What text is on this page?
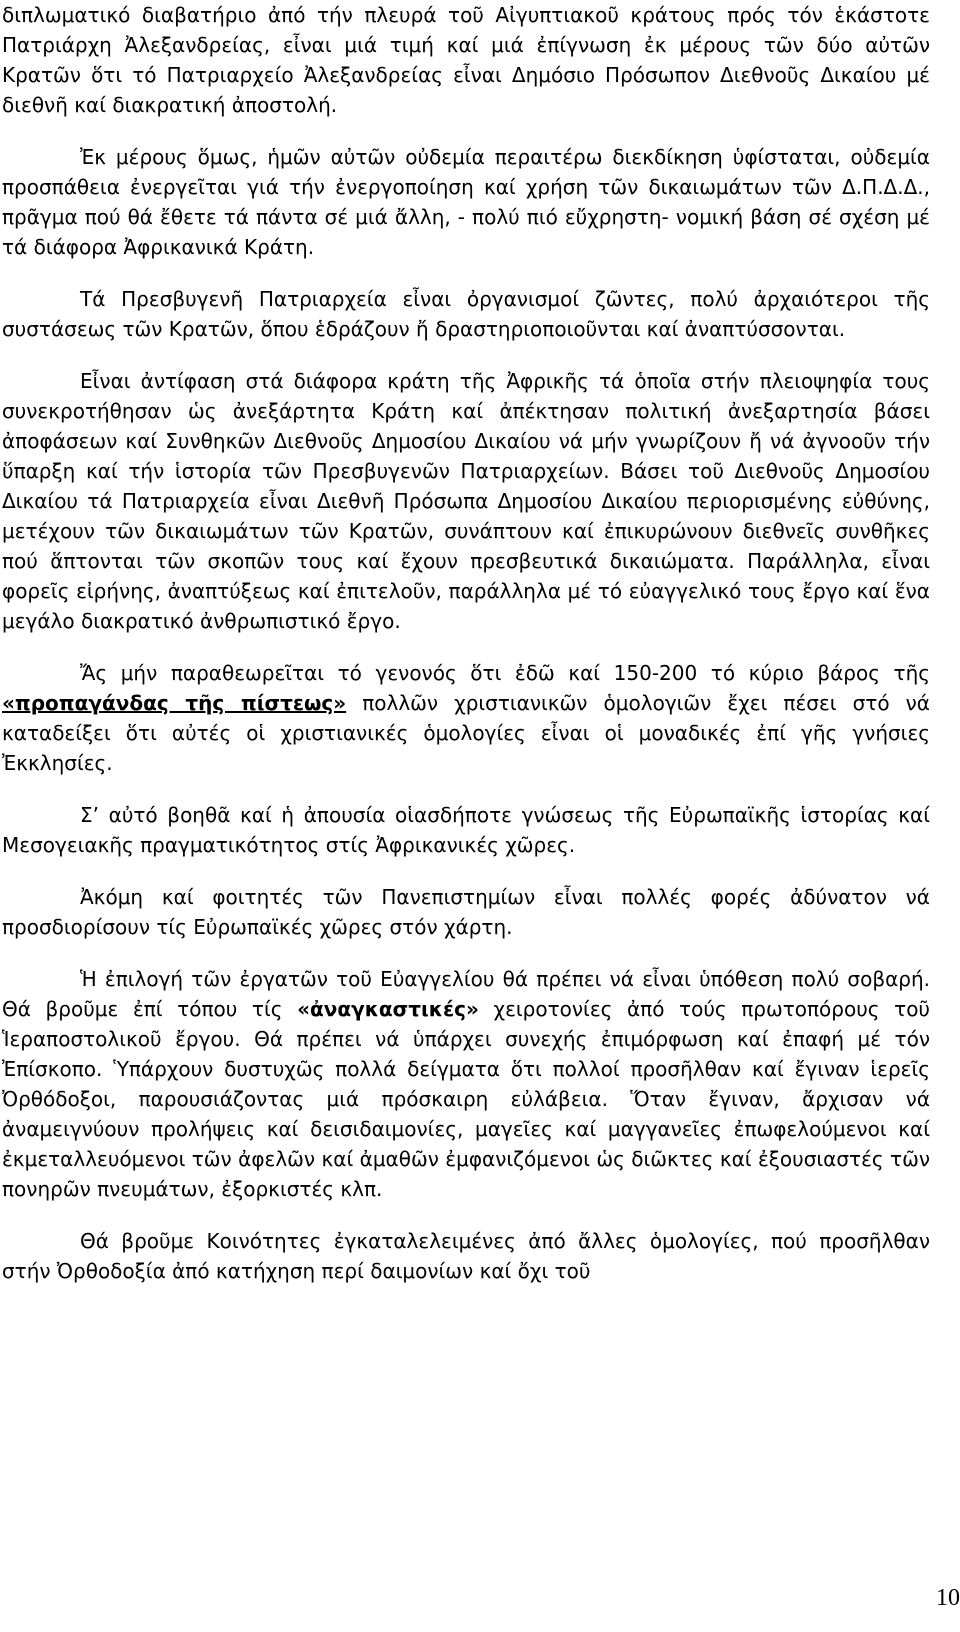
διπλωματικό διαβατήριο ἀπό τήν πλευρά τοῦ Αἰγυπτιακοῦ κράτους πρός τόν ἑκάστοτε Πατριάρχη Ἀλεξανδρείας, εἶναι μιά τιμή καί μιά ἐπίγνωση ἐκ μέρους τῶν δύο αὐτῶν Κρατῶν ὅτι τό Πατριαρχείο Ἀλεξανδρείας εἶναι Δημόσιο Πρόσωπον Διεθνοῦς Δικαίου μέ διεθνῆ καί διακρατική ἀποστολή.

Ἐκ μέρους ὅμως, ἡμῶν αὐτῶν οὐδεμία περαιτέρω διεκδίκηση ὑφίσταται, οὐδεμία προσπάθεια ἐνεργεῖται γιά τήν ἐνεργοποίηση καί χρήση τῶν δικαιωμάτων τῶν Δ.Π.Δ.Δ., πρᾶγμα πού θά ἔθετε τά πάντα σέ μιά ἄλλη, - πολύ πιό εὔχρηστη- νομική βάση σέ σχέση μέ τά διάφορα Ἀφρικανικά Κράτη.

Τά Πρεσβυγενῆ Πατριαρχεία εἶναι ὀργανισμοί ζῶντες, πολύ ἀρχαιότεροι τῆς συστάσεως τῶν Κρατῶν, ὅπου ἑδράζουν ἤ δραστηριοποιοῦνται καί ἀναπτύσσονται.

Εἶναι ἀντίφαση στά διάφορα κράτη τῆς Ἀφρικῆς τά ὁποῖα στήν πλειοψηφία τους συνεκροτήθησαν ὡς ἀνεξάρτητα Κράτη καί ἀπέκτησαν πολιτική ἀνεξαρτησία βάσει ἀποφάσεων καί Συνθηκῶν Διεθνοῦς Δημοσίου Δικαίου νά μήν γνωρίζουν ἤ νά ἀγνοοῦν τήν ὕπαρξη καί τήν ἱστορία τῶν Πρεσβυγενῶν Πατριαρχείων. Βάσει τοῦ Διεθνοῦς Δημοσίου Δικαίου τά Πατριαρχεία εἶναι Διεθνῆ Πρόσωπα Δημοσίου Δικαίου περιορισμένης εὐθύνης, μετέχουν τῶν δικαιωμάτων τῶν Κρατῶν, συνάπτουν καί ἐπικυρώνουν διεθνεῖς συνθῆκες πού ἅπτονται τῶν σκοπῶν τους καί ἔχουν πρεσβευτικά δικαιώματα. Παράλληλα, εἶναι φορεῖς εἰρήνης, ἀναπτύξεως καί ἐπιτελοῦν, παράλληλα μέ τό εὐαγγελικό τους ἔργο καί ἕνα μεγάλο διακρατικό ἀνθρωπιστικό ἔργο.

Ἄς μήν παραθεωρεῖται τό γενονός ὅτι ἐδῶ καί 150-200 τό κύριο βάρος τῆς «προπαγάνδας τῆς πίστεως» πολλῶν χριστιανικῶν ὁμολογιῶν ἔχει πέσει στό νά καταδείξει ὅτι αὐτές οἱ χριστιανικές ὁμολογίες εἶναι οἱ μοναδικές ἐπί γῆς γνήσιες Ἐκκλησίες.

Σ’ αὐτό βοηθᾶ καί ἡ ἀπουσία οἱασδήποτε γνώσεως τῆς Εὐρωπαϊκῆς ἱστορίας καί Μεσογειακῆς πραγματικότητος στίς Ἀφρικανικές χῶρες.

Ἀκόμη καί φοιτητές τῶν Πανεπιστημίων εἶναι πολλές φορές ἀδύνατον νά προσδιορίσουν τίς Εὐρωπαϊκές χῶρες στόν χάρτη.

Ἡ ἐπιλογή τῶν ἐργατῶν τοῦ Εὐαγγελίου θά πρέπει νά εἶναι ὑπόθεση πολύ σοβαρή. Θά βροῦμε ἐπί τόπου τίς «ἀναγκαστικές» χειροτονίες ἀπό τούς πρωτοπόρους τοῦ Ἱεραποστολικοῦ ἔργου. Θά πρέπει νά ὑπάρχει συνεχής ἐπιμόρφωση καί ἐπαφή μέ τόν Ἐπίσκοπο. Ὑπάρχουν δυστυχῶς πολλά δείγματα ὅτι πολλοί προσῆλθαν καί ἔγιναν ἱερεῖς Ὀρθόδοξοι, παρουσιάζοντας μιά πρόσκαιρη εὐλάβεια. Ὅταν ἔγιναν, ἄρχισαν νά ἀναμειγνύουν προλήψεις καί δεισιδαιμονίες, μαγεῖες καί μαγγανεῖες ἐπωφελούμενοι καί ἐκμεταλλευόμενοι τῶν ἀφελῶν καί ἀμαθῶν ἐμφανιζόμενοι ὡς διῶκτες καί ἐξουσιαστές τῶν πονηρῶν πνευμάτων, ἐξορκιστές κλπ.

Θά βροῦμε Κοινότητες ἐγκαταλελειμένες ἀπό ἄλλες ὁμολογίες, πού προσῆλθαν στήν Ὀρθοδοξία ἀπό κατήχηση περί δαιμονίων καί ὄχι τοῦ

10
